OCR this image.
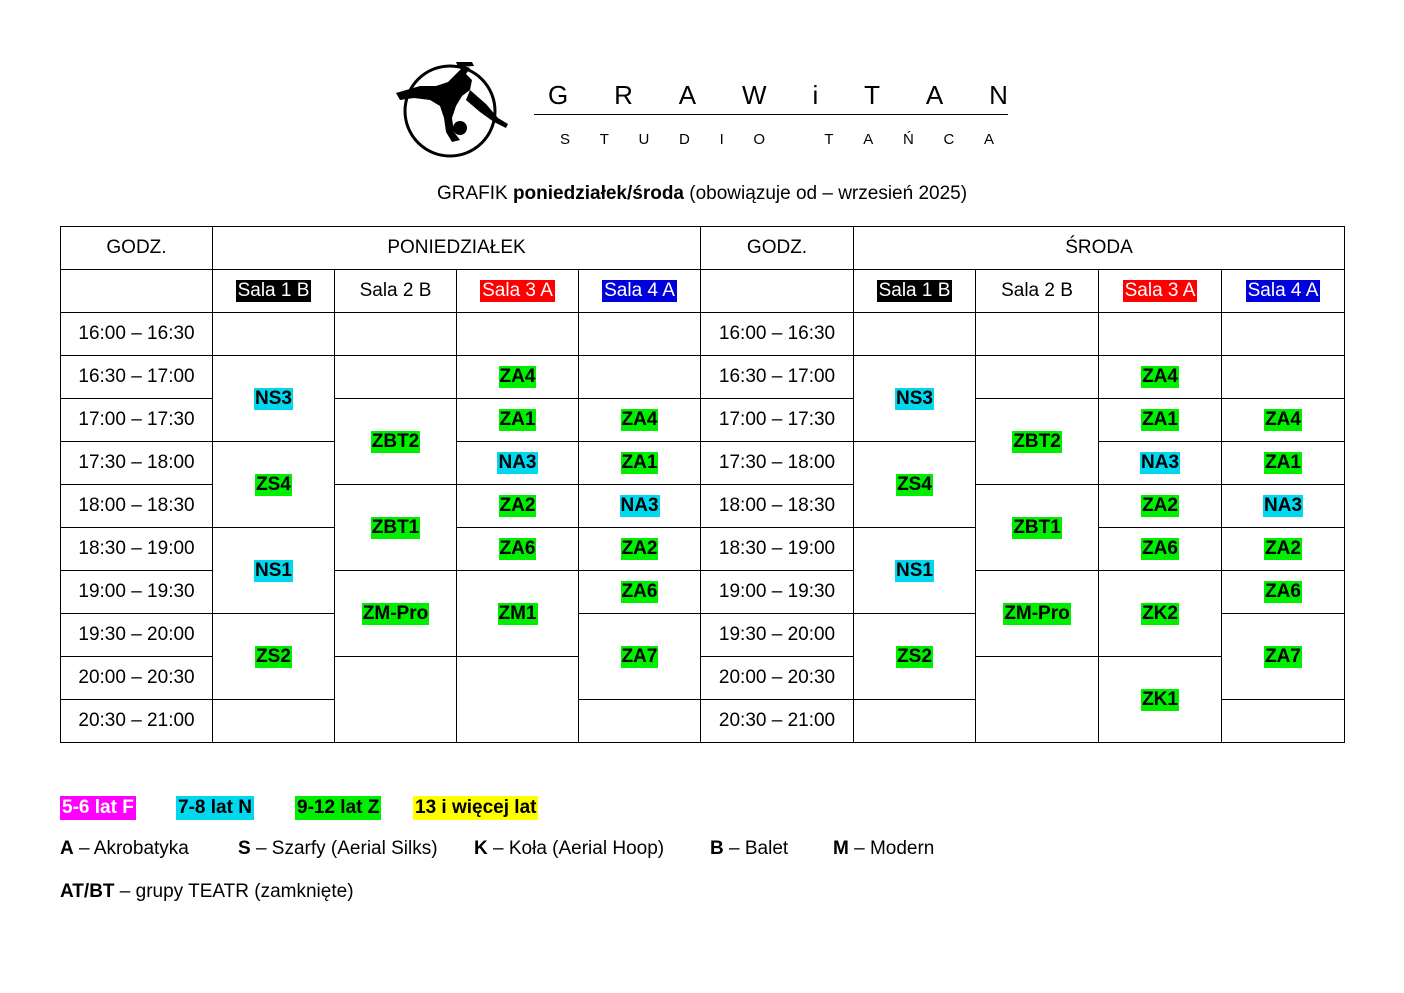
G R A W i T A N
S T U D I O	T A Ń C A
GRAFIK poniedziałek/środa (obowiązuje od – wrzesień 2025)
GODZ.	PONIEDZIAŁEK				GODZ.	ŚRODA			
	Sala 1 B	Sala 2 B	Sala 3 A	Sala 4 A		Sala 1 B	Sala 2 B	Sala 3 A	Sala 4 A
16:00 – 16:30					16:00 – 16:30				
16:30 – 17:00	NS3		ZA4		16:30 – 17:00	NS3		ZA4	
17:00 – 17:30		ZBT2	ZA1	ZA4	17:00 – 17:30		ZBT2	ZA1	ZA4
17:30 – 18:00	ZS4		NA3	ZA1	17:30 – 18:00	ZS4		NA3	ZA1
18:00 – 18:30		ZBT1	ZA2	NA3	18:00 – 18:30		ZBT1	ZA2	NA3
18:30 – 19:00	NS1		ZA6	ZA2	18:30 – 19:00	NS1		ZA6	ZA2
19:00 – 19:30		ZM-Pro	ZM1	ZA6	19:00 – 19:30		ZM-Pro	ZK2	ZA6
19:30 – 20:00	ZS2			ZA7	19:30 – 20:00	ZS2			ZA7
20:00 – 20:30					20:00 – 20:30			ZK1	
20:30 – 21:00					20:30 – 21:00				
5-6 lat F 7-8 lat N 9-12 lat Z 13 i więcej lat
A – Akrobatyka	S – Szarfy (Aerial Silks) K – Koła (Aerial Hoop) B – Balet M – Modern
AT/BT – grupy TEATR (zamknięte)
